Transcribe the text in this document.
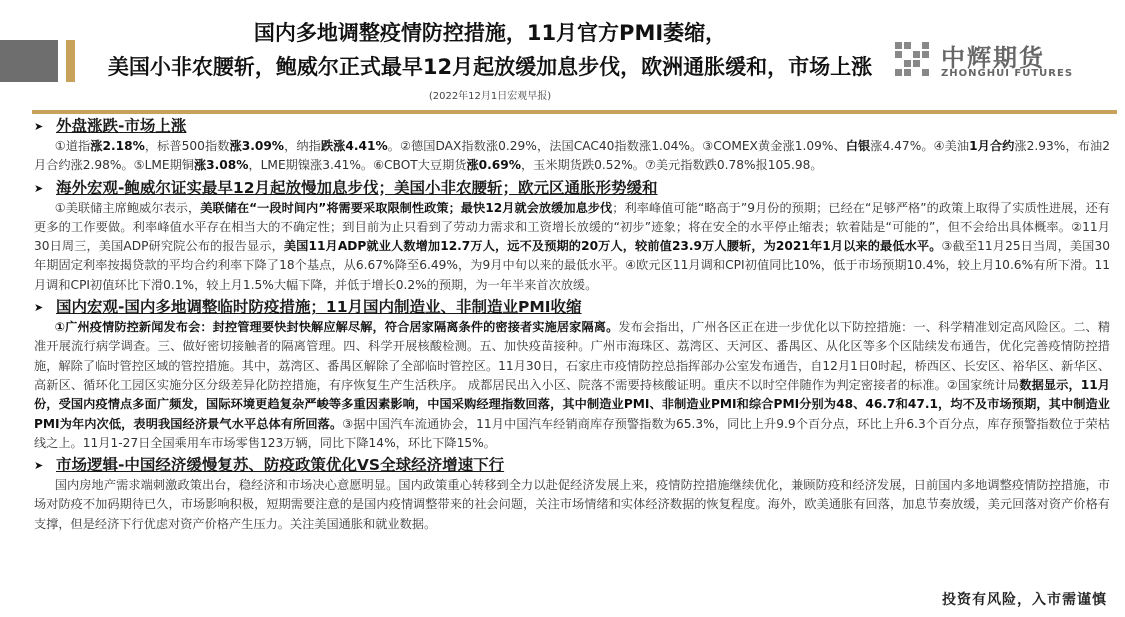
国内多地调整疫情防控措施，11月官方PMI萎缩，
美国小非农腰斩，鲍威尔正式最早12月起放缓加息步伐，欧洲通胀缓和，市场上涨
(2022年12月1日宏观早报)
中辉期货
ZHONGHUI FUTURES
➤ 外盘涨跌-市场上涨

①道指涨2.18%，标普500指数涨3.09%，纳指跌涨4.41%。②德国DAX指数涨0.29%，法国CAC40指数涨1.04%。③COMEX黄金涨1.09%、白银涨4.47%。④美油1月合约涨2.93%，布油2月合约涨2.98%。⑤LME期铜涨3.08%，LME期镍涨3.41%。⑥CBOT大豆期货涨0.69%，玉米期货跌0.52%。⑦美元指数跌0.78%报105.98。

➤ 海外宏观-鲍威尔证实最早12月起放慢加息步伐；美国小非农腰斩；欧元区通胀形势缓和

①美联储主席鲍威尔表示，美联储在“一段时间内”将需要采取限制性政策；最快12月就会放缓加息步伐；利率峰值可能“略高于”9月份的预期；已经在“足够严格”的政策上取得了实质性进展，还有更多的工作要做。利率峰值水平存在相当大的不确定性；到目前为止只看到了劳动力需求和工资增长放缓的“初步”迹象；将在安全的水平停止缩表；软着陆是“可能的”，但不会给出具体概率。②11月30日周三，美国ADP研究院公布的报告显示，美国11月ADP就业人数增加12.7万人，远不及预期的20万人，较前值23.9万人腰斩，为2021年1月以来的最低水平。③截至11月25日当周，美国30年期固定利率按揭贷款的平均合约利率下降了18个基点，从6.67%降至6.49%，为9月中旬以来的最低水平。④欧元区11月调和CPI初值同比10%，低于市场预期10.4%，较上月10.6%有所下滑。11月调和CPI初值环比下滑0.1%，较上月1.5%大幅下降，并低于增长0.2%的预期，为一年半来首次放缓。

➤ 国内宏观-国内多地调整临时防疫措施；11月国内制造业、非制造业PMI收缩

①广州疫情防控新闻发布会：封控管理要快封快解应解尽解，符合居家隔离条件的密接者实施居家隔离。发布会指出，广州各区正在进一步优化以下防控措施：一、科学精准划定高风险区。二、精准开展流行病学调查。三、做好密切接触者的隔离管理。四、科学开展核酸检测。五、加快疫苗接种。广州市海珠区、荔湾区、天河区、番禺区、从化区等多个区陆续发布通告，优化完善疫情防控措施，解除了临时管控区域的管控措施。其中，荔湾区、番禺区解除了全部临时管控区。11月30日，石家庄市疫情防控总指挥部办公室发布通告，自12月1日0时起，桥西区、长安区、裕华区、新华区、高新区、循环化工园区实施分区分级差异化防控措施，有序恢复生产生活秩序。 成都居民出入小区、院落不需要持核酸证明。重庆不以时空伴随作为判定密接者的标准。②国家统计局数据显示，11月份，受国内疫情点多面广频发，国际环境更趋复杂严峻等多重因素影响，中国采购经理指数回落，其中制造业PMI、非制造业PMI和综合PMI分别为48、46.7和47.1，均不及市场预期，其中制造业PMI为年内次低，表明我国经济景气水平总体有所回落。③据中国汽车流通协会，11月中国汽车经销商库存预警指数为65.3%，同比上升9.9个百分点，环比上升6.3个百分点，库存预警指数位于荣枯线之上。11月1-27日全国乘用车市场零售123万辆，同比下降14%，环比下降15%。

➤ 市场逻辑-中国经济缓慢复苏、防疫政策优化VS全球经济增速下行

国内房地产需求端刺激政策出台，稳经济和市场决心意愿明显。国内政策重心转移到全力以赴促经济发展上来，疫情防控措施继续优化，兼顾防疫和经济发展，日前国内多地调整疫情防控措施，市场对防疫不加码期待已久，市场影响积极，短期需要注意的是国内疫情调整带来的社会问题，关注市场情绪和实体经济数据的恢复程度。海外，欧美通胀有回落，加息节奏放缓，美元回落对资产价格有支撑，但是经济下行优虑对资产价格产生压力。关注美国通胀和就业数据。

投资有风险，入市需谨慎
